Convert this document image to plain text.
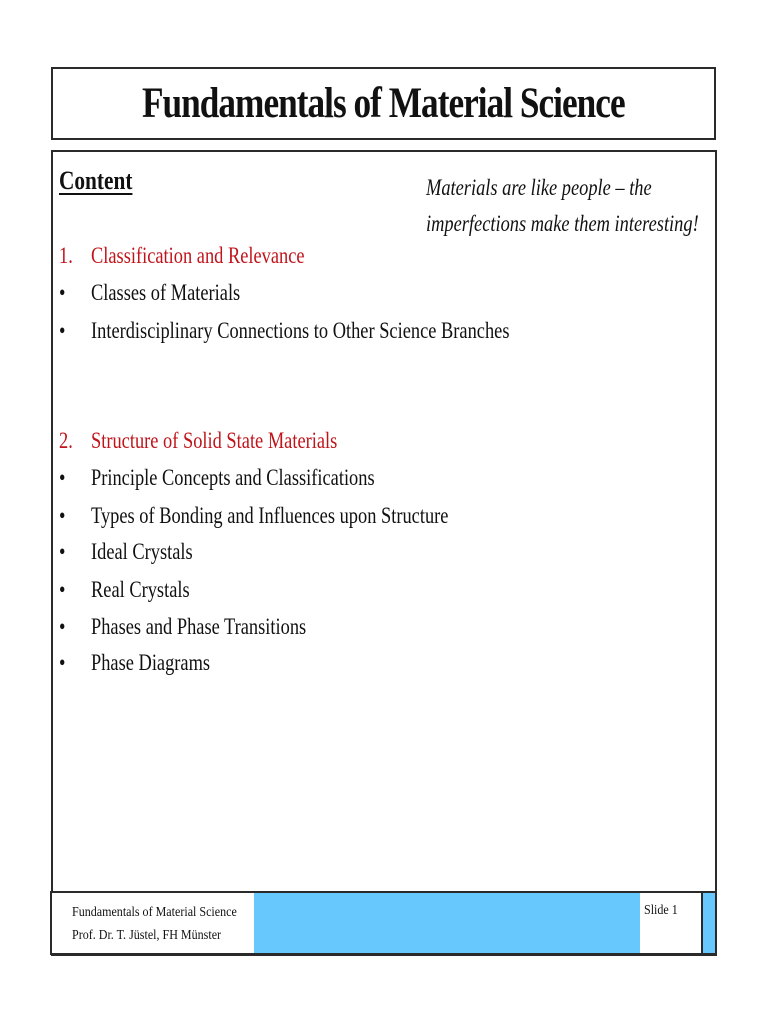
Fundamentals of Material Science
Content	Materials are like people – the
imperfections make them interesting!
1. Classification and Relevance
• Classes of Materials
• Interdisciplinary Connections to Other Science Branches
2. Structure of Solid State Materials
• Principle Concepts and Classifications
• Types of Bonding and Influences upon Structure
• Ideal Crystals
• Real Crystals
• Phases and Phase Transitions
• Phase Diagrams
Fundamentals of Material Science
Prof. Dr. T. Jüstel, FH Münster
Slide 1
